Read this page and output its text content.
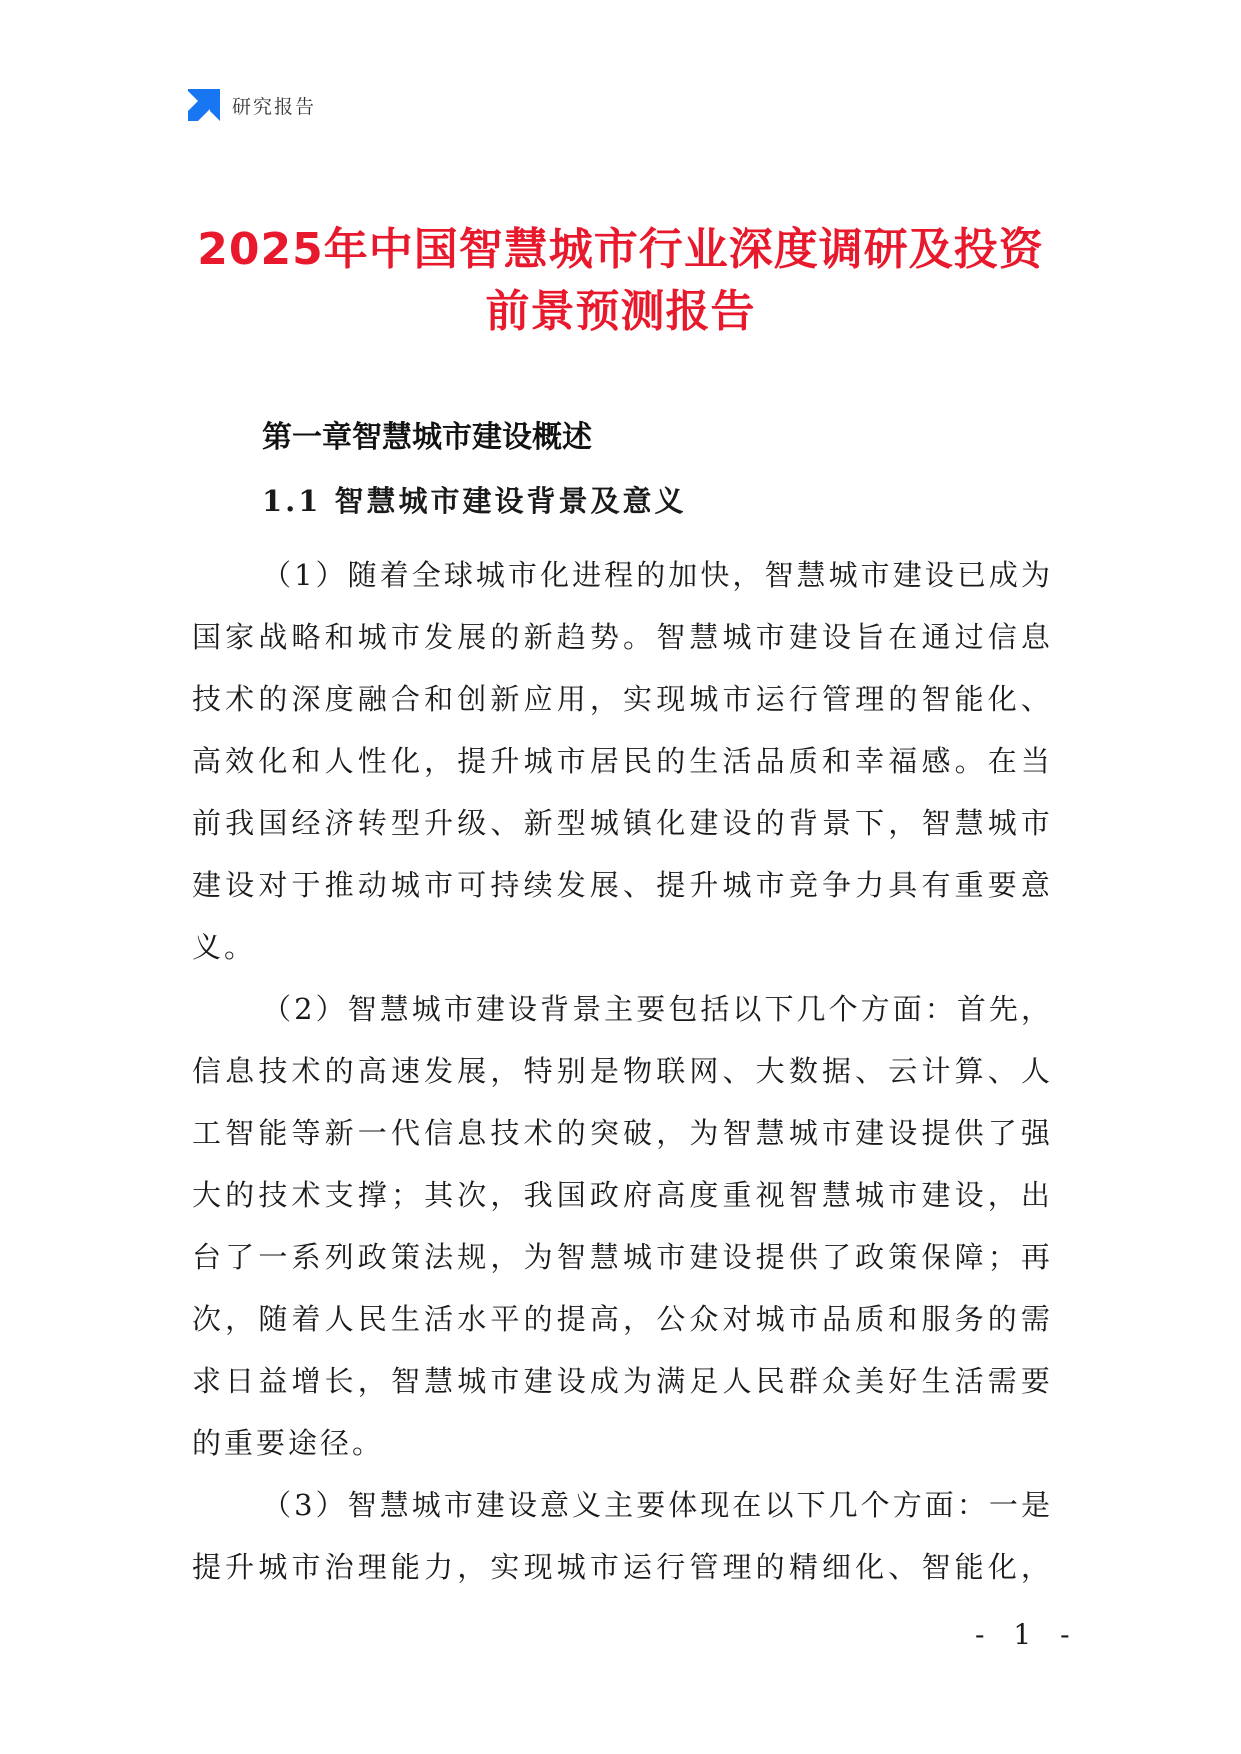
研究报告
2025年中国智慧城市行业深度调研及投资
前景预测报告
第一章智慧城市建设概述
1.1 智慧城市建设背景及意义
（ 1 ） 随 着 全 球 城 市 化 进 程 的 加 快 ， 智 慧 城 市 建 设 已 成 为
国 家 战 略 和 城 市 发 展 的 新 趋 势 。 智 慧 城 市 建 设 旨 在 通 过 信 息
技 术 的 深 度 融 合 和 创 新 应 用 ， 实 现 城 市 运 行 管 理 的 智 能 化 、
高 效 化 和 人 性 化 ， 提 升 城 市 居 民 的 生 活 品 质 和 幸 福 感 。 在 当
前 我 国 经 济 转 型 升 级 、 新 型 城 镇 化 建 设 的 背 景 下 ， 智 慧 城 市
建 设 对 于 推 动 城 市 可 持 续 发 展 、 提 升 城 市 竞 争 力 具 有 重 要 意
义。
（ 2 ） 智 慧 城 市 建 设 背 景 主 要 包 括 以 下 几 个 方 面 ： 首 先 ，
信 息 技 术 的 高 速 发 展 ， 特 别 是 物 联 网 、 大 数 据 、 云 计 算 、 人
工 智 能 等 新 一 代 信 息 技 术 的 突 破 ， 为 智 慧 城 市 建 设 提 供 了 强
大 的 技 术 支 撑 ； 其 次 ， 我 国 政 府 高 度 重 视 智 慧 城 市 建 设 ， 出
台 了 一 系 列 政 策 法 规 ， 为 智 慧 城 市 建 设 提 供 了 政 策 保 障 ； 再
次 ， 随 着 人 民 生 活 水 平 的 提 高 ， 公 众 对 城 市 品 质 和 服 务 的 需
求 日 益 增 长 ， 智 慧 城 市 建 设 成 为 满 足 人 民 群 众 美 好 生 活 需 要
的重要途径。
（ 3 ） 智 慧 城 市 建 设 意 义 主 要 体 现 在 以 下 几 个 方 面 ： 一 是
提 升 城 市 治 理 能 力 ， 实 现 城 市 运 行 管 理 的 精 细 化 、 智 能 化 ，
- 1 -
